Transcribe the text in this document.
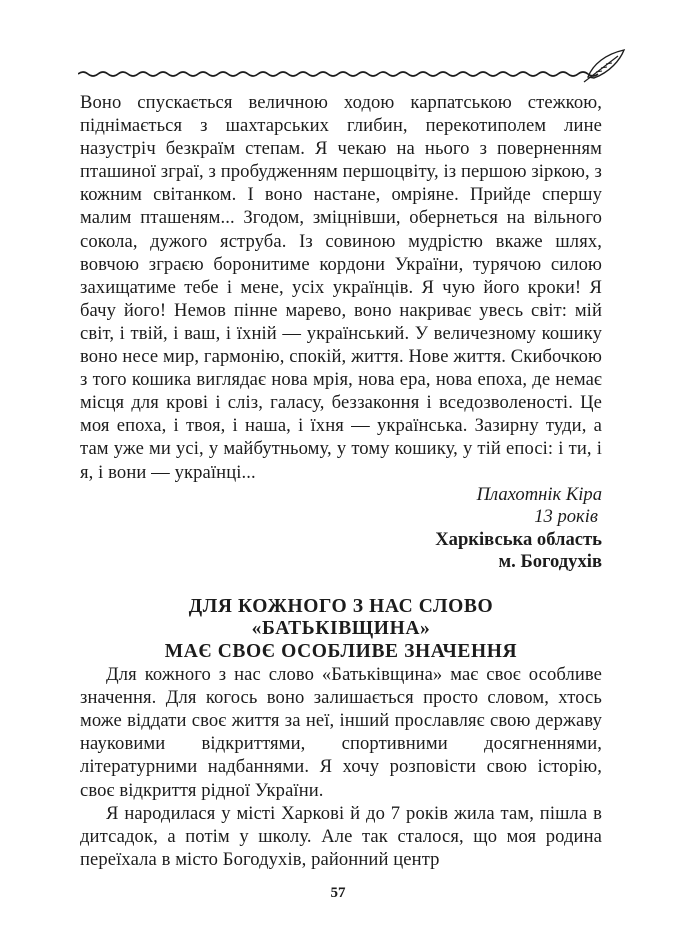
Воно спускається величною ходою карпатською стежкою, піднімається з шахтарських глибин, перекотиполем лине назустріч безкраїм степам. Я чекаю на нього з поверненням пташиної зграї, з пробудженням першоцвіту, із першою зіркою, з кожним світанком. І воно настане, омріяне. Прийде спершу малим пташеням... Згодом, зміцнівши, обернеться на вільного сокола, дужого яструба. Із совиною мудрістю вкаже шлях, вовчою зграєю боронитиме кордони України, турячою силою захищатиме тебе і мене, усіх українців. Я чую його кроки! Я бачу його! Немов пінне марево, воно накриває увесь світ: мій світ, і твій, і ваш, і їхній — український. У величезному кошику воно несе мир, гармонію, спокій, життя. Нове життя. Скибочкою з того кошика виглядає нова мрія, нова ера, нова епоха, де немає місця для крові і сліз, галасу, беззаконня і вседозволеності. Це моя епоха, і твоя, і наша, і їхня — українська. Зазирну туди, а там уже ми усі, у майбутньому, у тому кошику, у тій епосі: і ти, і я, і вони — українці...

Плахотнік Кіра
13 років
Харківська область
м. Богодухів
ДЛЯ КОЖНОГО З НАС СЛОВО
«БАТЬКІВЩИНА»
МАЄ СВОЄ ОСОБЛИВЕ ЗНАЧЕННЯ

Для кожного з нас слово «Батьківщина» має своє особливе значення. Для когось воно залишається просто словом, хтось може віддати своє життя за неї, інший прославляє свою державу науковими відкриттями, спортивними досягненнями, літературними надбаннями. Я хочу розповісти свою історію, своє відкриття рідної України.

Я народилася у місті Харкові й до 7 років жила там, пішла в дитсадок, а потім у школу. Але так сталося, що моя родина переїхала в місто Богодухів, районний центр

57
